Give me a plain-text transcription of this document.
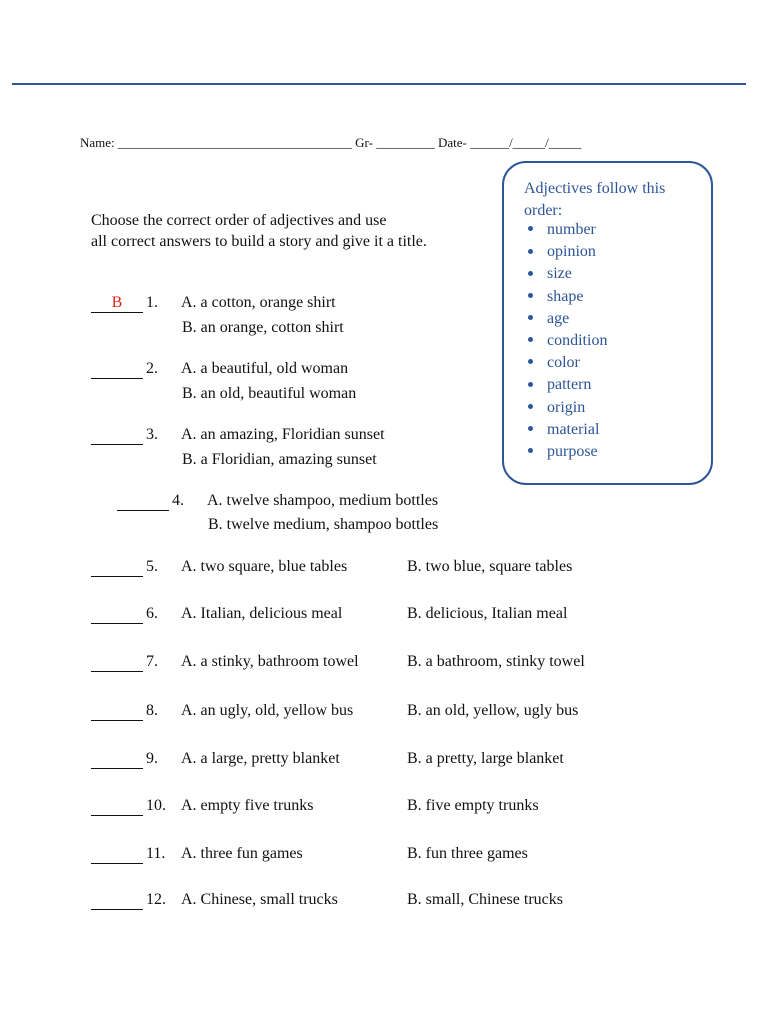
Name: ____________________________________ Gr- _________ Date- ______/_____/_____
Choose the correct order of adjectives and use
all correct answers to build a story and give it a title.
Adjectives follow this order:
number
opinion
size
shape
age
condition
color
pattern
origin
material
purpose
B	1. A. a cotton, orange shirt
B. an orange, cotton shirt
2. A. a beautiful, old woman
B. an old, beautiful woman
3. A. an amazing, Floridian sunset
B. a Floridian, amazing sunset
4. A. twelve shampoo, medium bottles
B. twelve medium, shampoo bottles
5. A. two square, blue tables	B. two blue, square tables
6. A. Italian, delicious meal	B. delicious, Italian meal
7. A. a stinky, bathroom towel	B. a bathroom, stinky towel
8. A. an ugly, old, yellow bus	B. an old, yellow, ugly bus
9. A. a large, pretty blanket	B. a pretty, large blanket
10. A. empty five trunks	B. five empty trunks
11. A. three fun games	B. fun three games
12. A. Chinese, small trucks	B. small, Chinese trucks
